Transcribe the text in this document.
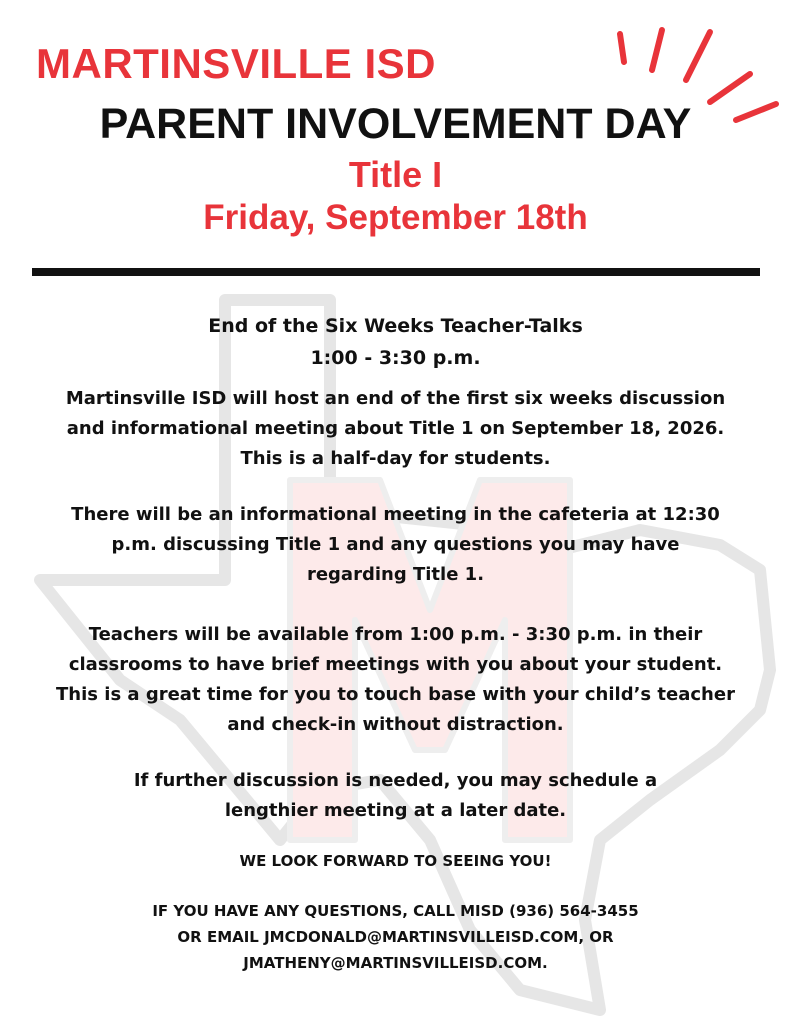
MARTINSVILLE ISD
PARENT INVOLVEMENT DAY
Title I
Friday, September 18th

End of the Six Weeks Teacher-Talks

1:00 - 3:30 p.m.

Martinsville ISD will host an end of the first six weeks discussion
and informational meeting about Title 1 on September 18, 2026.
This is a half-day for students.

There will be an informational meeting in the cafeteria at 12:30
p.m. discussing Title 1 and any questions you may have
regarding Title 1.

Teachers will be available from 1:00 p.m. - 3:30 p.m. in their
classrooms to have brief meetings with you about your student.
This is a great time for you to touch base with your child’s teacher
and check-in without distraction.

If further discussion is needed, you may schedule a
lengthier meeting at a later date.

WE LOOK FORWARD TO SEEING YOU!

IF YOU HAVE ANY QUESTIONS, CALL MISD (936) 564-3455
OR EMAIL JMCDONALD@MARTINSVILLEISD.COM, OR
JMATHENY@MARTINSVILLEISD.COM.
